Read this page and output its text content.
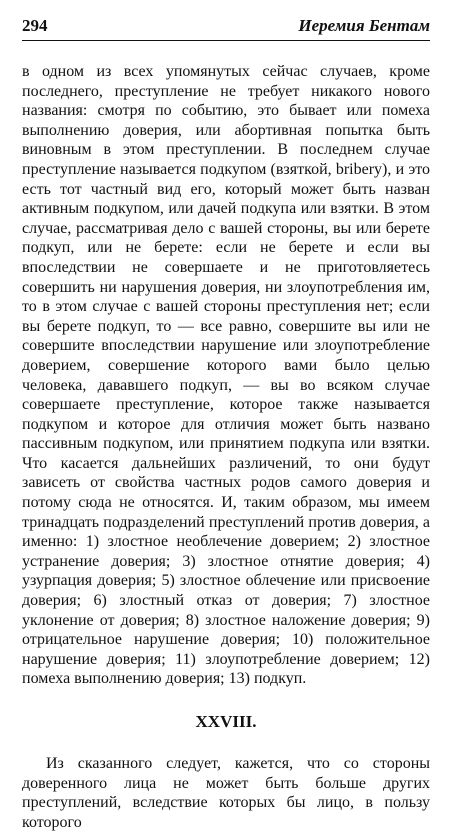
294	Иеремия Бентам

в одном из всех упомянутых сейчас случаев, кроме последнего, преступление не требует никакого нового названия: смотря по событию, это бывает или помеха выполнению доверия, или абортивная попытка быть виновным в этом преступлении. В последнем случае преступление называется подкупом (взяткой, bribery), и это есть тот частный вид его, который может быть назван активным подкупом, или дачей подкупа или взятки. В этом случае, рассматривая дело с вашей стороны, вы или берете подкуп, или не берете: если не берете и если вы впоследствии не совершаете и не приготовляетесь совершить ни нарушения доверия, ни злоупотребления им, то в этом случае с вашей стороны преступления нет; если вы берете подкуп, то — все равно, совершите вы или не совершите впоследствии нарушение или злоупотребление доверием, совершение которого вами было целью человека, дававшего подкуп, — вы во всяком случае совершаете преступление, которое также называется подкупом и которое для отличия может быть названо пассивным подкупом, или принятием подкупа или взятки. Что касается дальнейших различений, то они будут зависеть от свойства частных родов самого доверия и потому сюда не относятся. И, таким образом, мы имеем тринадцать подразделений преступлений против доверия, а именно: 1) злостное необлечение доверием; 2) злостное устранение доверия; 3) злостное отнятие доверия; 4) узурпация доверия; 5) злостное облечение или присвоение доверия; 6) злостный отказ от доверия; 7) злостное уклонение от доверия; 8) злостное наложение доверия; 9) отрицательное нарушение доверия; 10) положительное нарушение доверия; 11) злоупотребление доверием; 12) помеха выполнению доверия; 13) подкуп.

XXVIII.

Из сказанного следует, кажется, что со стороны доверенного лица не может быть больше других преступлений, вследствие которых бы лицо, в пользу которого
